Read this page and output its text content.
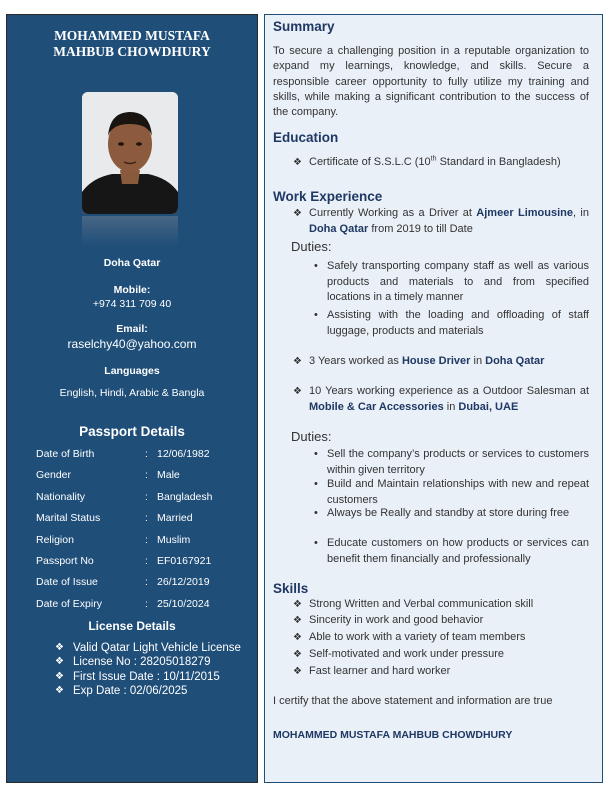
MOHAMMED MUSTAFA
MAHBUB CHOWDHURY
Doha Qatar
Mobile:
+974 311 709 40
Email:
raselchy40@yahoo.com
Languages
English, Hindi, Arabic & Bangla
Passport Details
Date of Birth	: 12/06/1982
Gender	: Male
Nationality	: Bangladesh
Marital Status	: Married
Religion	: Muslim
Passport No	: EF0167921
Date of Issue	: 26/12/2019
Date of Expiry	: 25/10/2024
License Details
❖ Valid Qatar Light Vehicle License
❖ License No : 28205018279
❖ First Issue Date : 10/11/2015
❖ Exp Date : 02/06/2025
Summary
To secure a challenging position in a reputable organization to expand my learnings, knowledge, and skills. Secure a responsible career opportunity to fully utilize my training and skills, while making a significant contribution to the success of the company.
Education
❖ Certificate of S.S.L.C (10th Standard in Bangladesh)
Work Experience
❖ Currently Working as a Driver at Ajmeer Limousine, in Doha Qatar from 2019 to till Date
Duties:
• Safely transporting company staff as well as various products and materials to and from specified locations in a timely manner
• Assisting with the loading and offloading of staff luggage, products and materials
❖ 3 Years worked as House Driver in Doha Qatar
❖ 10 Years working experience as a Outdoor Salesman at Mobile & Car Accessories in Dubai, UAE
Duties:
• Sell the company’s products or services to customers within given territory
• Build and Maintain relationships with new and repeat customers
• Always be Really and standby at store during free
• Educate customers on how products or services can benefit them financially and professionally
Skills
❖ Strong Written and Verbal communication skill
❖ Sincerity in work and good behavior
❖ Able to work with a variety of team members
❖ Self-motivated and work under pressure
❖ Fast learner and hard worker
I certify that the above statement and information are true
MOHAMMED MUSTAFA MAHBUB CHOWDHURY
